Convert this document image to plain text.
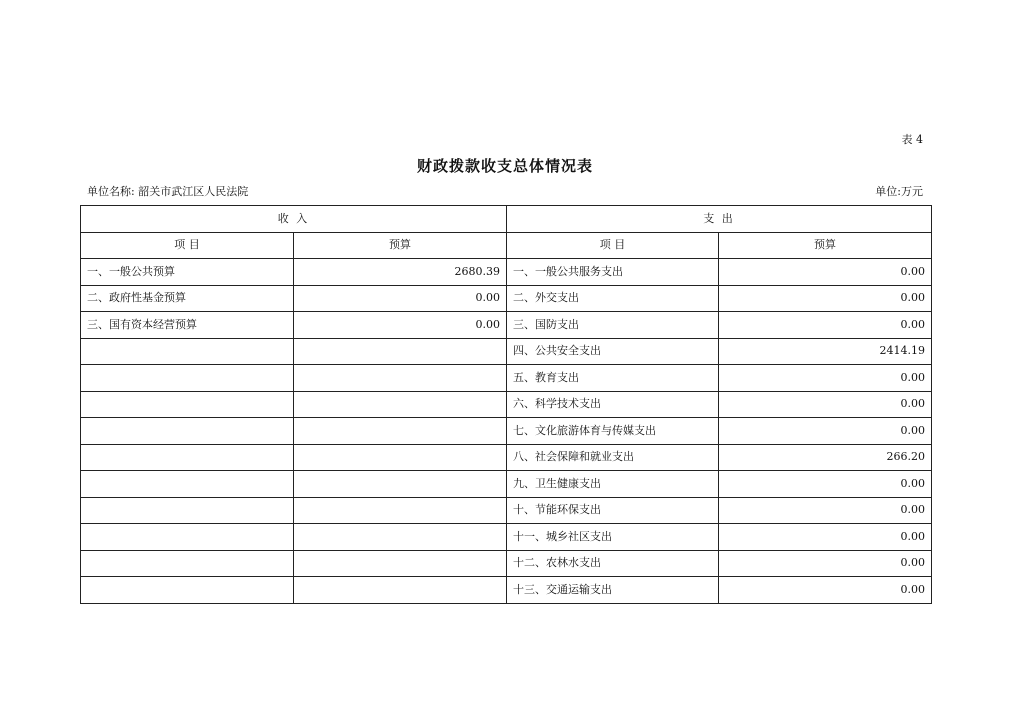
表 4
财政拨款收支总体情况表
单位名称: 韶关市武江区人民法院	单位:万元
收 入		支 出	
项 目	预算	项 目	预算
一、一般公共预算	2680.39	一、一般公共服务支出	0.00
二、政府性基金预算	0.00	二、外交支出	0.00
三、国有资本经营预算	0.00	三、国防支出	0.00
		四、公共安全支出	2414.19
		五、教育支出	0.00
		六、科学技术支出	0.00
		七、文化旅游体育与传媒支出	0.00
		八、社会保障和就业支出	266.20
		九、卫生健康支出	0.00
		十、节能环保支出	0.00
		十一、城乡社区支出	0.00
		十二、农林水支出	0.00
		十三、交通运输支出	0.00
